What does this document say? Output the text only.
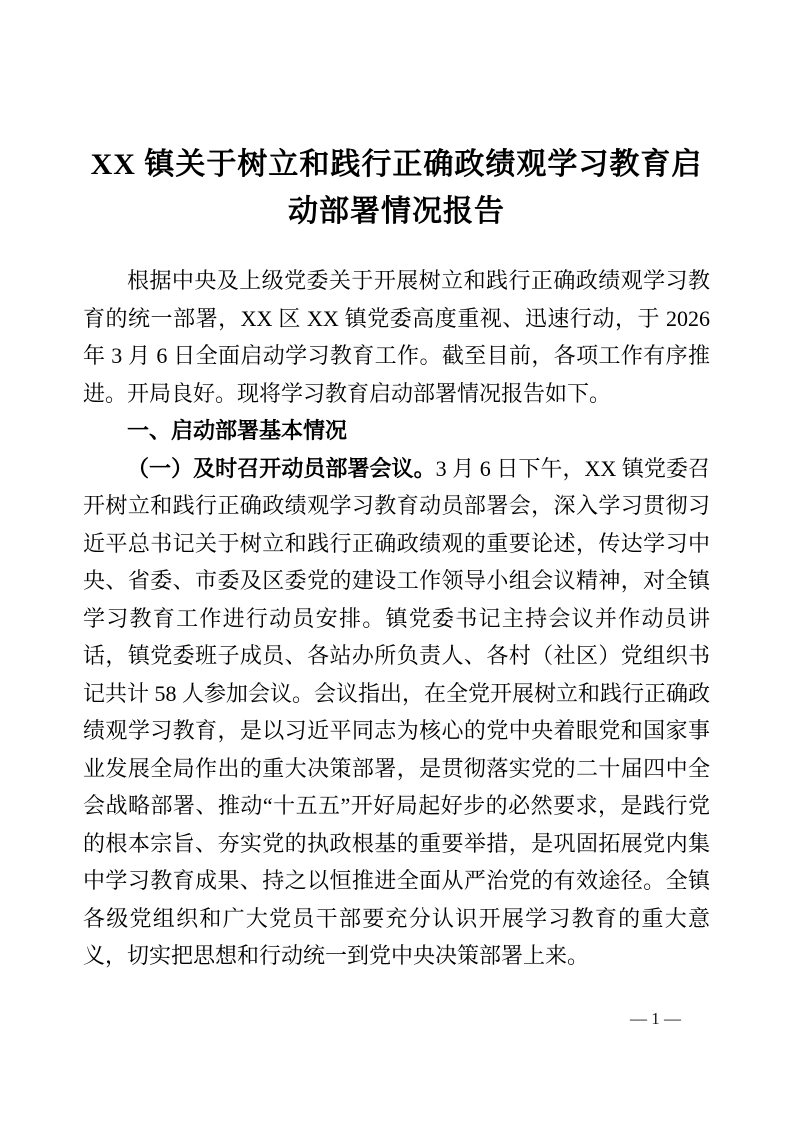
XX 镇关于树立和践行正确政绩观学习教育启动部署情况报告

根据中央及上级党委关于开展树立和践行正确政绩观学习教育的统一部署，XX 区 XX 镇党委高度重视、迅速行动，于 2026 年 3 月 6 日全面启动学习教育工作。截至目前，各项工作有序推进。开局良好。现将学习教育启动部署情况报告如下。

一、启动部署基本情况

（一）及时召开动员部署会议。3 月 6 日下午，XX 镇党委召开树立和践行正确政绩观学习教育动员部署会，深入学习贯彻习近平总书记关于树立和践行正确政绩观的重要论述，传达学习中央、省委、市委及区委党的建设工作领导小组会议精神，对全镇学习教育工作进行动员安排。镇党委书记主持会议并作动员讲话，镇党委班子成员、各站办所负责人、各村（社区）党组织书记共计 58 人参加会议。会议指出，在全党开展树立和践行正确政绩观学习教育，是以习近平同志为核心的党中央着眼党和国家事业发展全局作出的重大决策部署，是贯彻落实党的二十届四中全会战略部署、推动“十五五”开好局起好步的必然要求，是践行党的根本宗旨、夯实党的执政根基的重要举措，是巩固拓展党内集中学习教育成果、持之以恒推进全面从严治党的有效途径。全镇各级党组织和广大党员干部要充分认识开展学习教育的重大意义，切实把思想和行动统一到党中央决策部署上来。

— 1 —
